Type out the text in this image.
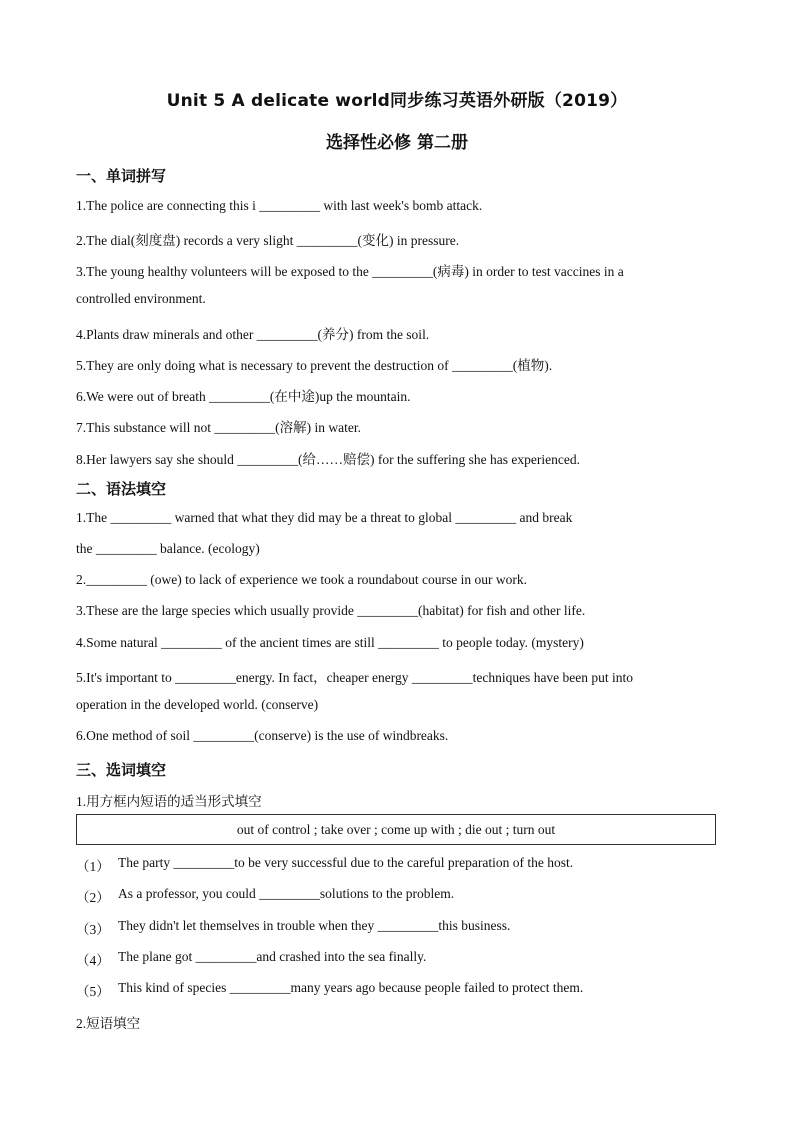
Unit 5 A delicate world同步练习英语外研版（2019）
选择性必修 第二册
一、单词拼写
1.The police are connecting this i _________ with last week's bomb attack.
2.The dial(刻度盘) records a very slight _________(变化) in pressure.
3.The young healthy volunteers will be exposed to the _________(病毒) in order to test vaccines in a
controlled environment.
4.Plants draw minerals and other _________(养分) from the soil.
5.They are only doing what is necessary to prevent the destruction of _________(植物).
6.We were out of breath _________(在中途)up the mountain.
7.This substance will not _________(溶解) in water.
8.Her lawyers say she should _________(给……赔偿) for the suffering she has experienced.
二、语法填空
1.The _________ warned that what they did may be a threat to global _________ and break
the _________ balance. (ecology)
2._________ (owe) to lack of experience we took a roundabout course in our work.
3.These are the large species which usually provide _________(habitat) for fish and other life.
4.Some natural _________ of the ancient times are still _________ to people today. (mystery)
5.It's important to _________energy. In fact，cheaper energy _________techniques have been put into
operation in the developed world. (conserve)
6.One method of soil _________(conserve) is the use of windbreaks.
三、选词填空
1.用方框内短语的适当形式填空
out of control ; take over ; come up with ; die out ; turn out
（1） The party _________to be very successful due to the careful preparation of the host.
（2） As a professor, you could _________solutions to the problem.
（3） They didn't let themselves in trouble when they _________this business.
（4） The plane got _________and crashed into the sea finally.
（5） This kind of species _________many years ago because people failed to protect them.
2.短语填空
